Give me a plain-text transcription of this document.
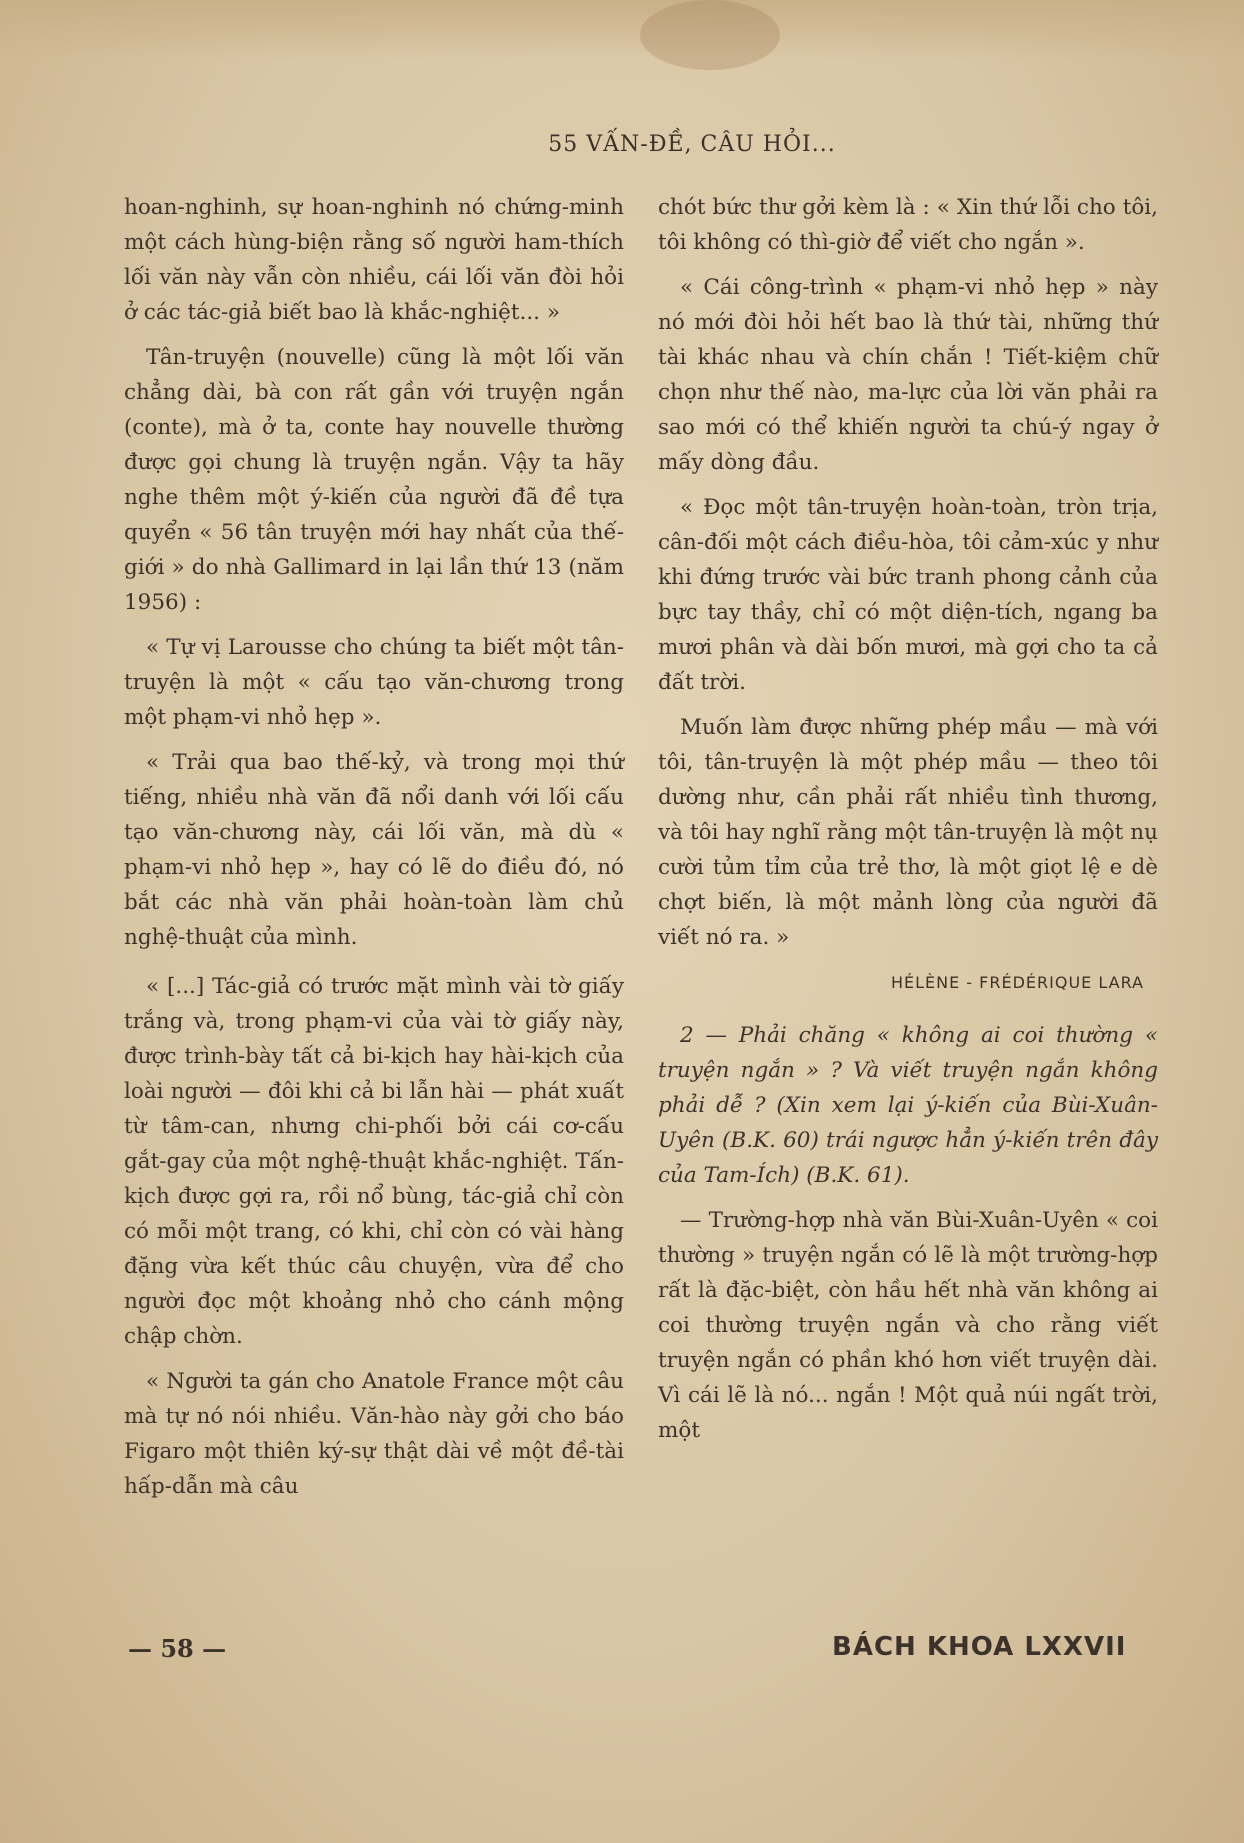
55 VẤN-ĐỀ, CÂU HỎI...

hoan-nghinh, sự hoan-nghinh nó chứng-minh một cách hùng-biện rằng số người ham-thích lối văn này vẫn còn nhiều, cái lối văn đòi hỏi ở các tác-giả biết bao là khắc-nghiệt... »

Tân-truyện (nouvelle) cũng là một lối văn chẳng dài, bà con rất gần với truyện ngắn (conte), mà ở ta, conte hay nouvelle thường được gọi chung là truyện ngắn. Vậy ta hãy nghe thêm một ý-kiến của người đã đề tựa quyển « 56 tân truyện mới hay nhất của thế-giới » do nhà Gallimard in lại lần thứ 13 (năm 1956) :

« Tự vị Larousse cho chúng ta biết một tân-truyện là một « cấu tạo văn-chương trong một phạm-vi nhỏ hẹp ».

« Trải qua bao thế-kỷ, và trong mọi thứ tiếng, nhiều nhà văn đã nổi danh với lối cấu tạo văn-chương này, cái lối văn, mà dù « phạm-vi nhỏ hẹp », hay có lẽ do điều đó, nó bắt các nhà văn phải hoàn-toàn làm chủ nghệ-thuật của mình.

« [...] Tác-giả có trước mặt mình vài tờ giấy trắng và, trong phạm-vi của vài tờ giấy này, được trình-bày tất cả bi-kịch hay hài-kịch của loài người — đôi khi cả bi lẫn hài — phát xuất từ tâm-can, nhưng chi-phối bởi cái cơ-cấu gắt-gay của một nghệ-thuật khắc-nghiệt. Tấn-kịch được gợi ra, rồi nổ bùng, tác-giả chỉ còn có mỗi một trang, có khi, chỉ còn có vài hàng đặng vừa kết thúc câu chuyện, vừa để cho người đọc một khoảng nhỏ cho cánh mộng chập chờn.

« Người ta gán cho Anatole France một câu mà tự nó nói nhiều. Văn-hào này gởi cho báo Figaro một thiên ký-sự thật dài về một đề-tài hấp-dẫn mà câu

chót bức thư gởi kèm là : « Xin thứ lỗi cho tôi, tôi không có thì-giờ để viết cho ngắn ».

« Cái công-trình « phạm-vi nhỏ hẹp » này nó mới đòi hỏi hết bao là thứ tài, những thứ tài khác nhau và chín chắn ! Tiết-kiệm chữ chọn như thế nào, ma-lực của lời văn phải ra sao mới có thể khiến người ta chú-ý ngay ở mấy dòng đầu.

« Đọc một tân-truyện hoàn-toàn, tròn trịa, cân-đối một cách điều-hòa, tôi cảm-xúc y như khi đứng trước vài bức tranh phong cảnh của bực tay thầy, chỉ có một diện-tích, ngang ba mươi phân và dài bốn mươi, mà gợi cho ta cả đất trời.

Muốn làm được những phép mầu — mà với tôi, tân-truyện là một phép mầu — theo tôi dường như, cần phải rất nhiều tình thương, và tôi hay nghĩ rằng một tân-truyện là một nụ cười tủm tỉm của trẻ thơ, là một giọt lệ e dè chợt biến, là một mảnh lòng của người đã viết nó ra. »

HÉLÈNE - FRÉDÉRIQUE LARA

2 — Phải chăng « không ai coi thường « truyện ngắn » ? Và viết truyện ngắn không phải dễ ? (Xin xem lại ý-kiến của Bùi-Xuân-Uyên (B.K. 60) trái ngược hẳn ý-kiến trên đây của Tam-Ích) (B.K. 61).

— Trường-hợp nhà văn Bùi-Xuân-Uyên « coi thường » truyện ngắn có lẽ là một trường-hợp rất là đặc-biệt, còn hầu hết nhà văn không ai coi thường truyện ngắn và cho rằng viết truyện ngắn có phần khó hơn viết truyện dài. Vì cái lẽ là nó... ngắn ! Một quả núi ngất trời, một

— 58 —	BÁCH KHOA LXXVII
